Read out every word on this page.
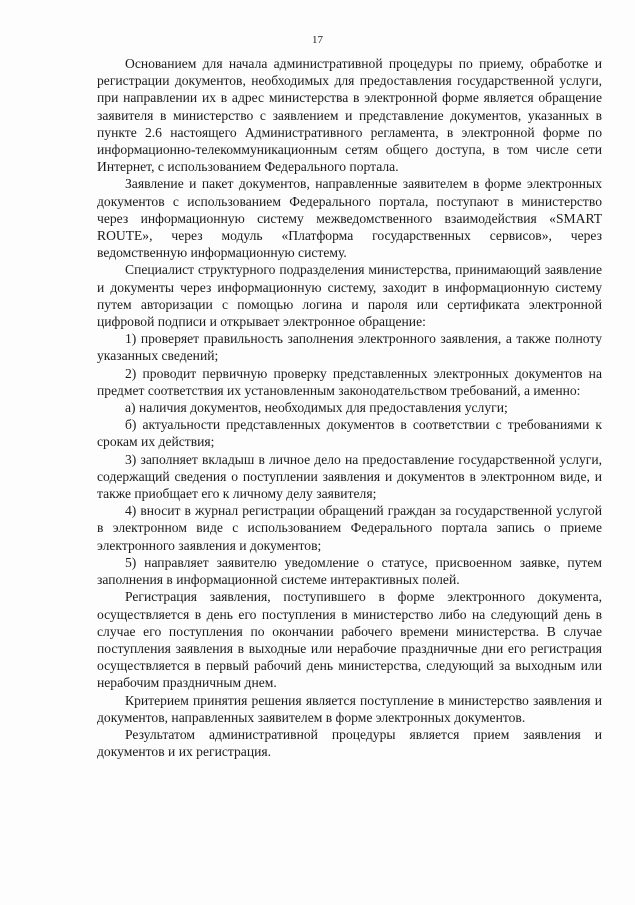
17

Основанием для начала административной процедуры по приему, обработке и регистрации документов, необходимых для предоставления государственной услуги, при направлении их в адрес министерства в электронной форме является обращение заявителя в министерство с заявлением и представление документов, указанных в пункте 2.6 настоящего Административного регламента, в электронной форме по информационно-телекоммуникационным сетям общего доступа, в том числе сети Интернет, с использованием Федерального портала.

Заявление и пакет документов, направленные заявителем в форме электронных документов с использованием Федерального портала, поступают в министерство через информационную систему межведомственного взаимодействия «SMART ROUTE», через модуль «Платформа государственных сервисов», через ведомственную информационную систему.

Специалист структурного подразделения министерства, принимающий заявление и документы через информационную систему, заходит в информационную систему путем авторизации с помощью логина и пароля или сертификата электронной цифровой подписи и открывает электронное обращение:

1) проверяет правильность заполнения электронного заявления, а также полноту указанных сведений;

2) проводит первичную проверку представленных электронных документов на предмет соответствия их установленным законодательством требований, а именно:

а) наличия документов, необходимых для предоставления услуги;

б) актуальности представленных документов в соответствии с требованиями к срокам их действия;

3) заполняет вкладыш в личное дело на предоставление государственной услуги, содержащий сведения о поступлении заявления и документов в электронном виде, и также приобщает его к личному делу заявителя;

4) вносит в журнал регистрации обращений граждан за государственной услугой в электронном виде с использованием Федерального портала запись о приеме электронного заявления и документов;

5) направляет заявителю уведомление о статусе, присвоенном заявке, путем заполнения в информационной системе интерактивных полей.

Регистрация заявления, поступившего в форме электронного документа, осуществляется в день его поступления в министерство либо на следующий день в случае его поступления по окончании рабочего времени министерства. В случае поступления заявления в выходные или нерабочие праздничные дни его регистрация осуществляется в первый рабочий день министерства, следующий за выходным или нерабочим праздничным днем.

Критерием принятия решения является поступление в министерство заявления и документов, направленных заявителем в форме электронных документов.

Результатом административной процедуры является прием заявления и документов и их регистрация.
